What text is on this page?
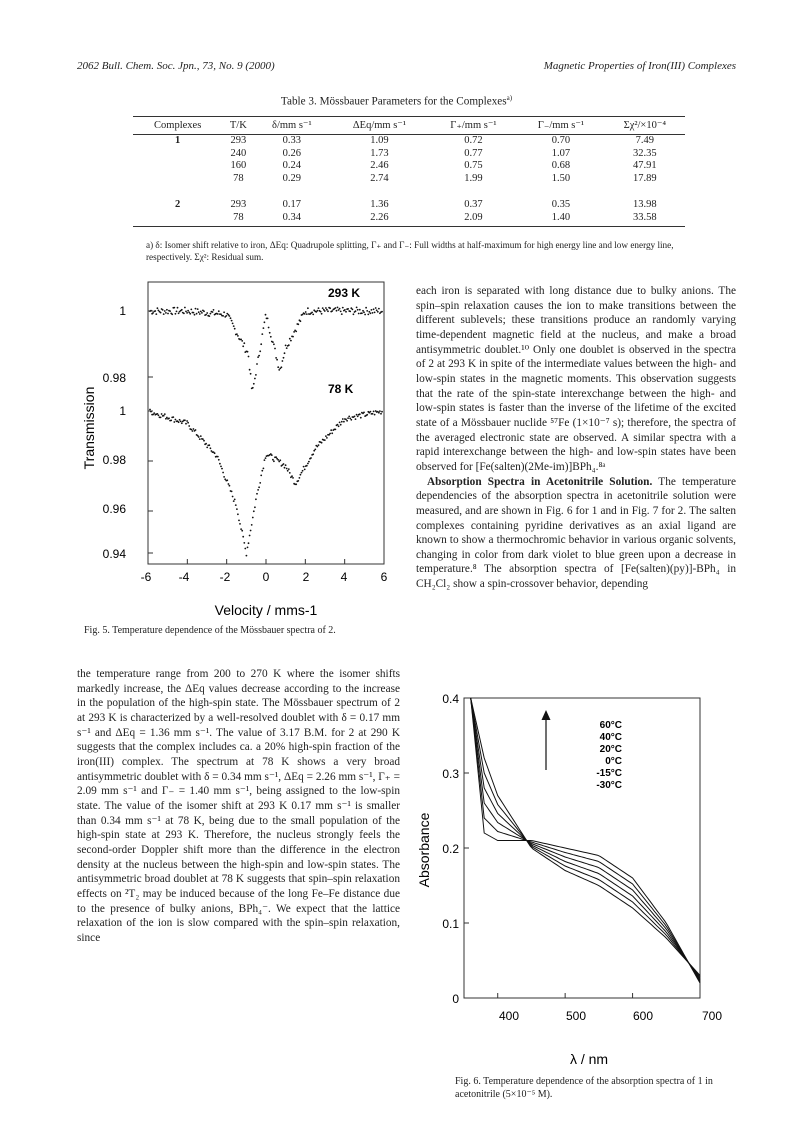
2062 Bull. Chem. Soc. Jpn., 73, No. 9 (2000)	Magnetic Properties of Iron(III) Complexes
Table 3. Mössbauer Parameters for the Complexes$^{a)}$
Complexes	T/K	δ/mm s⁻¹	ΔEq/mm s⁻¹	Γ₊/mm s⁻¹	Γ₋/mm s⁻¹	Σχ²/×10⁻⁴
1	293	0.33	1.09	0.72	0.70	7.49
	240	0.26	1.73	0.77	1.07	32.35
	160	0.24	2.46	0.75	0.68	47.91
	78	0.29	2.74	1.99	1.50	17.89

2	293	0.17	1.36	0.37	0.35	13.98
	78	0.34	2.26	2.09	1.40	33.58
a) δ: Isomer shift relative to iron, ΔEq: Quadrupole splitting, Γ₊ and Γ₋: Full widths at half-maximum for high energy line and low energy line, respectively. Σχ²: Residual sum.
1
0.98
1
0.98
0.96
0.94
-6 -4	-2	0	2	4	6
Velocity / mms-1
Transmission
293 K
78 K
Fig. 5. Temperature dependence of the Mössbauer spectra of 2.
0.4
0.3
0.2
0.1
0
400	500	600	700
λ / nm
Absorbance
60°C
40°C
20°C
0°C
-15°C
-30°C
Fig. 6. Temperature dependence of the absorption spectra of 1 in acetonitrile (5×10⁻⁵ M).

each iron is separated with long distance due to bulky anions. The spin–spin relaxation causes the ion to make transitions between the different sublevels; these transitions produce an randomly varying time-dependent magnetic field at the nucleus, and make a broad antisymmetric doublet.¹⁰ Only one doublet is observed in the spectra of 2 at 293 K in spite of the intermediate values between the high- and low-spin states in the magnetic moments. This observation suggests that the rate of the spin-state interexchange between the high- and low-spin states is faster than the inverse of the lifetime of the excited state of a Mössbauer nuclide ⁵⁷Fe (1×10⁻⁷ s); therefore, the spectra of the averaged electronic state are observed. A similar spectra with a rapid interexchange between the high- and low-spin states have been observed for [Fe(salten)(2Me-im)]BPh₄.⁸ᵃ

Absorption Spectra in Acetonitrile Solution. The temperature dependencies of the absorption spectra in acetonitrile solution were measured, and are shown in Fig. 6 for 1 and in Fig. 7 for 2. The salten complexes containing pyridine derivatives as an axial ligand are known to show a thermochromic behavior in various organic solvents, changing in color from dark violet to blue green upon a decrease in temperature.⁸ The absorption spectra of [Fe(salten)(py)]-BPh₄ in CH₂Cl₂ show a spin-crossover behavior, depending

the temperature range from 200 to 270 K where the isomer shifts markedly increase, the ΔEq values decrease according to the increase in the population of the high-spin state. The Mössbauer spectrum of 2 at 293 K is characterized by a well-resolved doublet with δ = 0.17 mm s⁻¹ and ΔEq = 1.36 mm s⁻¹. The value of 3.17 B.M. for 2 at 290 K suggests that the complex includes ca. a 20% high-spin fraction of the iron(III) complex. The spectrum at 78 K shows a very broad antisymmetric doublet with δ = 0.34 mm s⁻¹, ΔEq = 2.26 mm s⁻¹, Γ₊ = 2.09 mm s⁻¹ and Γ₋ = 1.40 mm s⁻¹, being assigned to the low-spin state. The value of the isomer shift at 293 K 0.17 mm s⁻¹ is smaller than 0.34 mm s⁻¹ at 78 K, being due to the small population of the high-spin state at 293 K. Therefore, the nucleus strongly feels the second-order Doppler shift more than the difference in the electron density at the nucleus between the high-spin and low-spin states. The antisymmetric broad doublet at 78 K suggests that spin–spin relaxation effects on ²T₂ may be induced because of the long Fe–Fe distance due to the presence of bulky anions, BPh₄⁻. We expect that the lattice relaxation of the ion is slow compared with the spin–spin relaxation, since
